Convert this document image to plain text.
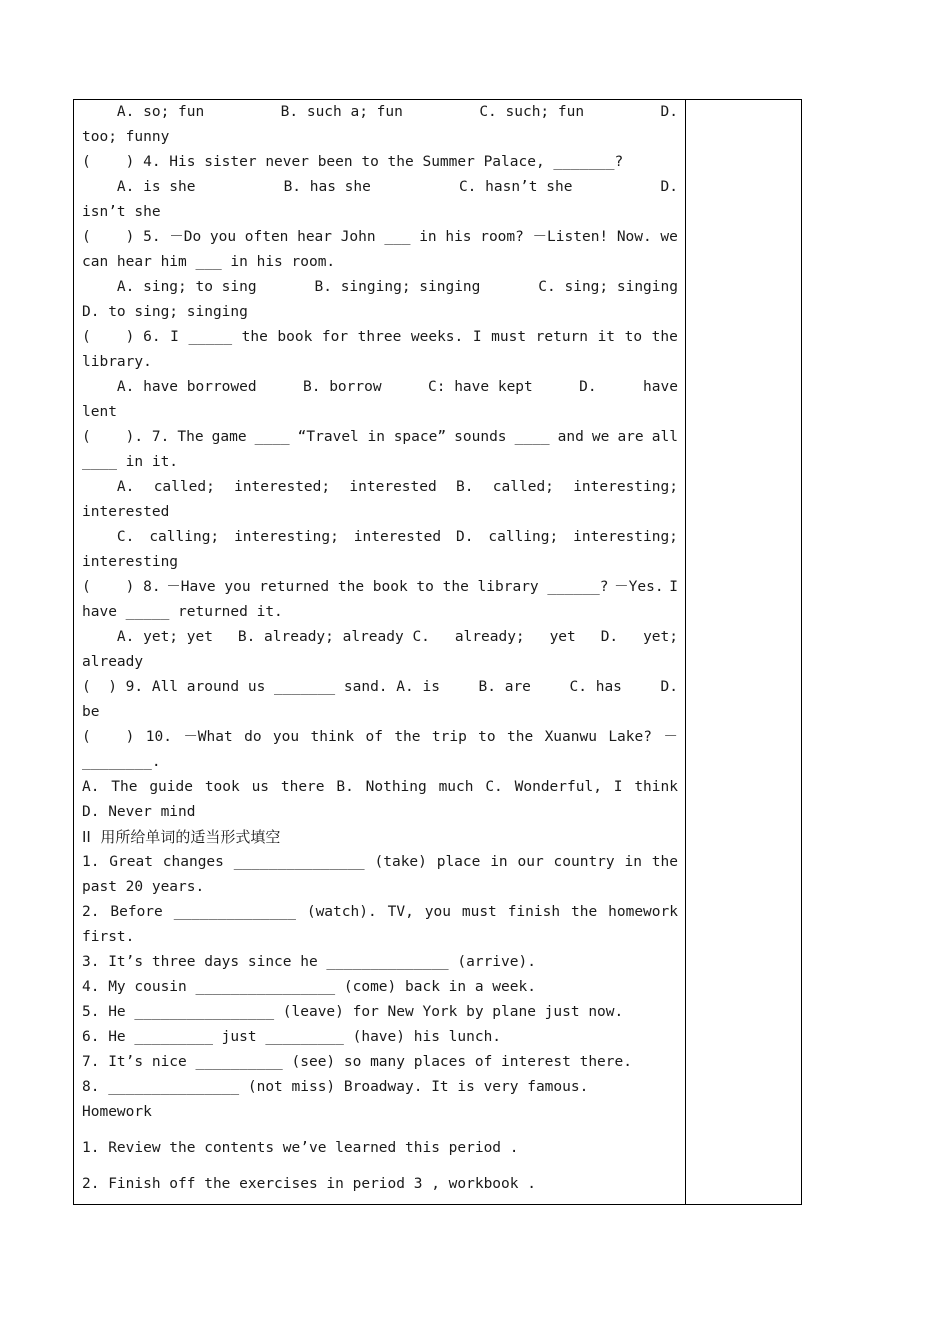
A. so; fun	B. such a; fun	C. such; fun	D.
too; funny
(    ) 4. His sister never been to the Summer Palace, _______?
A. is she	B. has she	C. hasn’t she	D.
isn’t she
(    ) 5. －Do you often hear John ___ in his room? －Listen! Now. we
can hear him ___ in his room.
A. sing; to sing	B. singing; singing	C. sing; singing
D. to sing; singing
(    ) 6. I _____ the book for three weeks. I must return it to the
library.
A. have borrowed	B. borrow	C: have kept	D.	have
lent
(    ). 7. The game ____ “Travel in space” sounds ____ and we are all
____ in it.
A. called; interested; interested B. called; interesting;
interested
C. calling; interesting; interested D. calling; interesting;
interesting
(    ) 8. －Have you returned the book to the library ______? －Yes. I
have _____ returned it.
A. yet; yet B. already; already C. already; yet D. yet;
already
(  ) 9. All around us _______ sand. A. is	B. are	C. has	D.
be
(    ) 10. －What do you think of the trip to the Xuanwu Lake? －
________.
A. The guide took us there B. Nothing much C. Wonderful, I think
D. Never mind
II  用所给单词的适当形式填空
1. Great changes _______________ (take) place in our country in the
past 20 years.
2. Before ______________ (watch). TV, you must finish the homework
first.
3. It’s three days since he ______________ (arrive).
4. My cousin ________________ (come) back in a week.
5. He ________________ (leave) for New York by plane just now.
6. He _________ just _________ (have) his lunch.
7. It’s nice __________ (see) so many places of interest there.
8. _______________ (not miss) Broadway. It is very famous.
Homework
1. Review the contents we’ve learned this period .
2. Finish off the exercises in period 3 , workbook .
